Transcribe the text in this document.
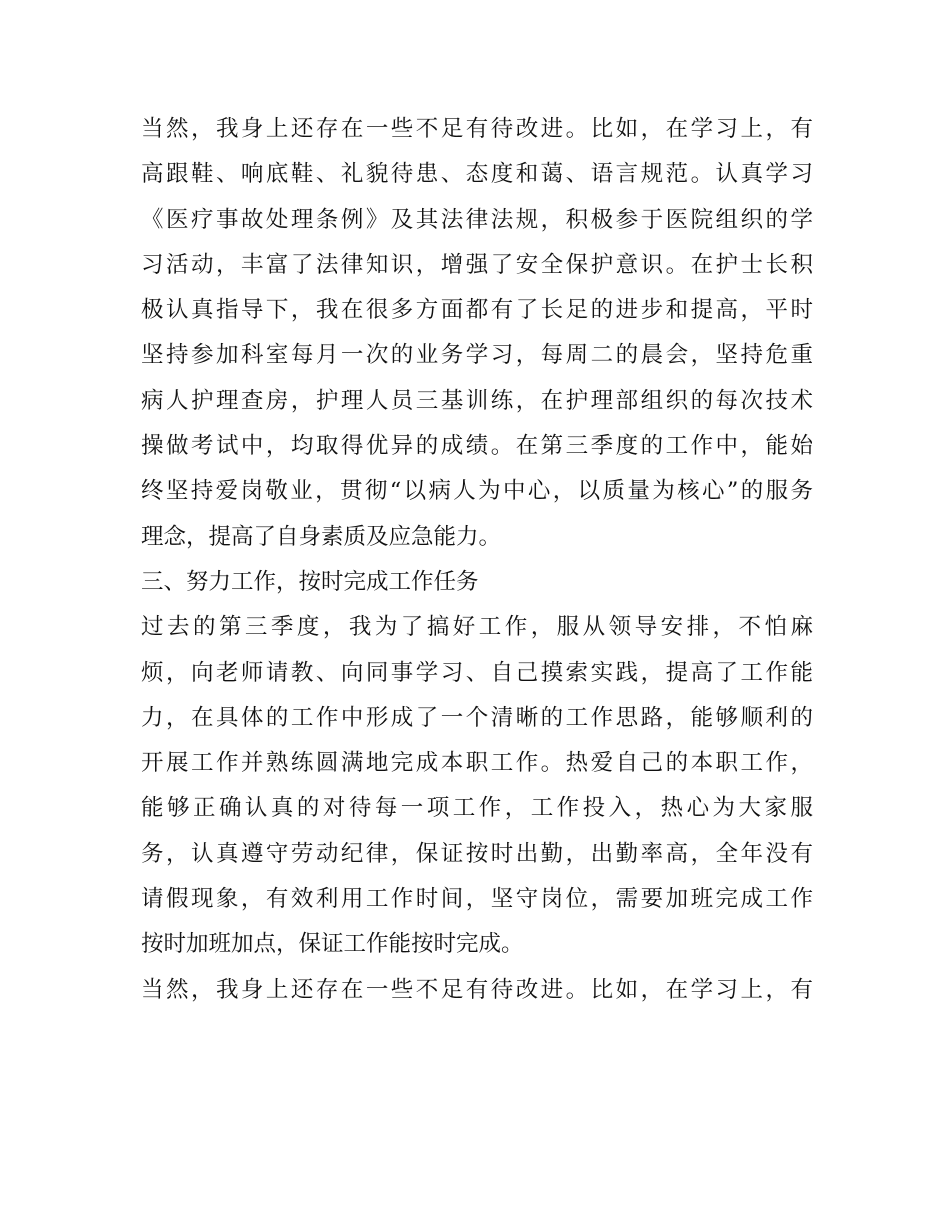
当然，我身上还存在一些不足有待改进。比如，在学习上，有
高跟鞋、响底鞋、礼貌待患、态度和蔼、语言规范。认真学习
《医疗事故处理条例》及其法律法规，积极参于医院组织的学
习活动，丰富了法律知识，增强了安全保护意识。在护士长积
极认真指导下，我在很多方面都有了长足的进步和提高，平时
坚持参加科室每月一次的业务学习，每周二的晨会，坚持危重
病人护理查房，护理人员三基训练，在护理部组织的每次技术
操做考试中，均取得优异的成绩。在第三季度的工作中，能始
终坚持爱岗敬业，贯彻“以病人为中心，以质量为核心”的服务
理念，提高了自身素质及应急能力。
三、努力工作，按时完成工作任务
过去的第三季度，我为了搞好工作，服从领导安排，不怕麻
烦，向老师请教、向同事学习、自己摸索实践，提高了工作能
力，在具体的工作中形成了一个清晰的工作思路，能够顺利的
开展工作并熟练圆满地完成本职工作。热爱自己的本职工作，
能够正确认真的对待每一项工作，工作投入，热心为大家服
务，认真遵守劳动纪律，保证按时出勤，出勤率高，全年没有
请假现象，有效利用工作时间，坚守岗位，需要加班完成工作
按时加班加点，保证工作能按时完成。
当然，我身上还存在一些不足有待改进。比如，在学习上，有
